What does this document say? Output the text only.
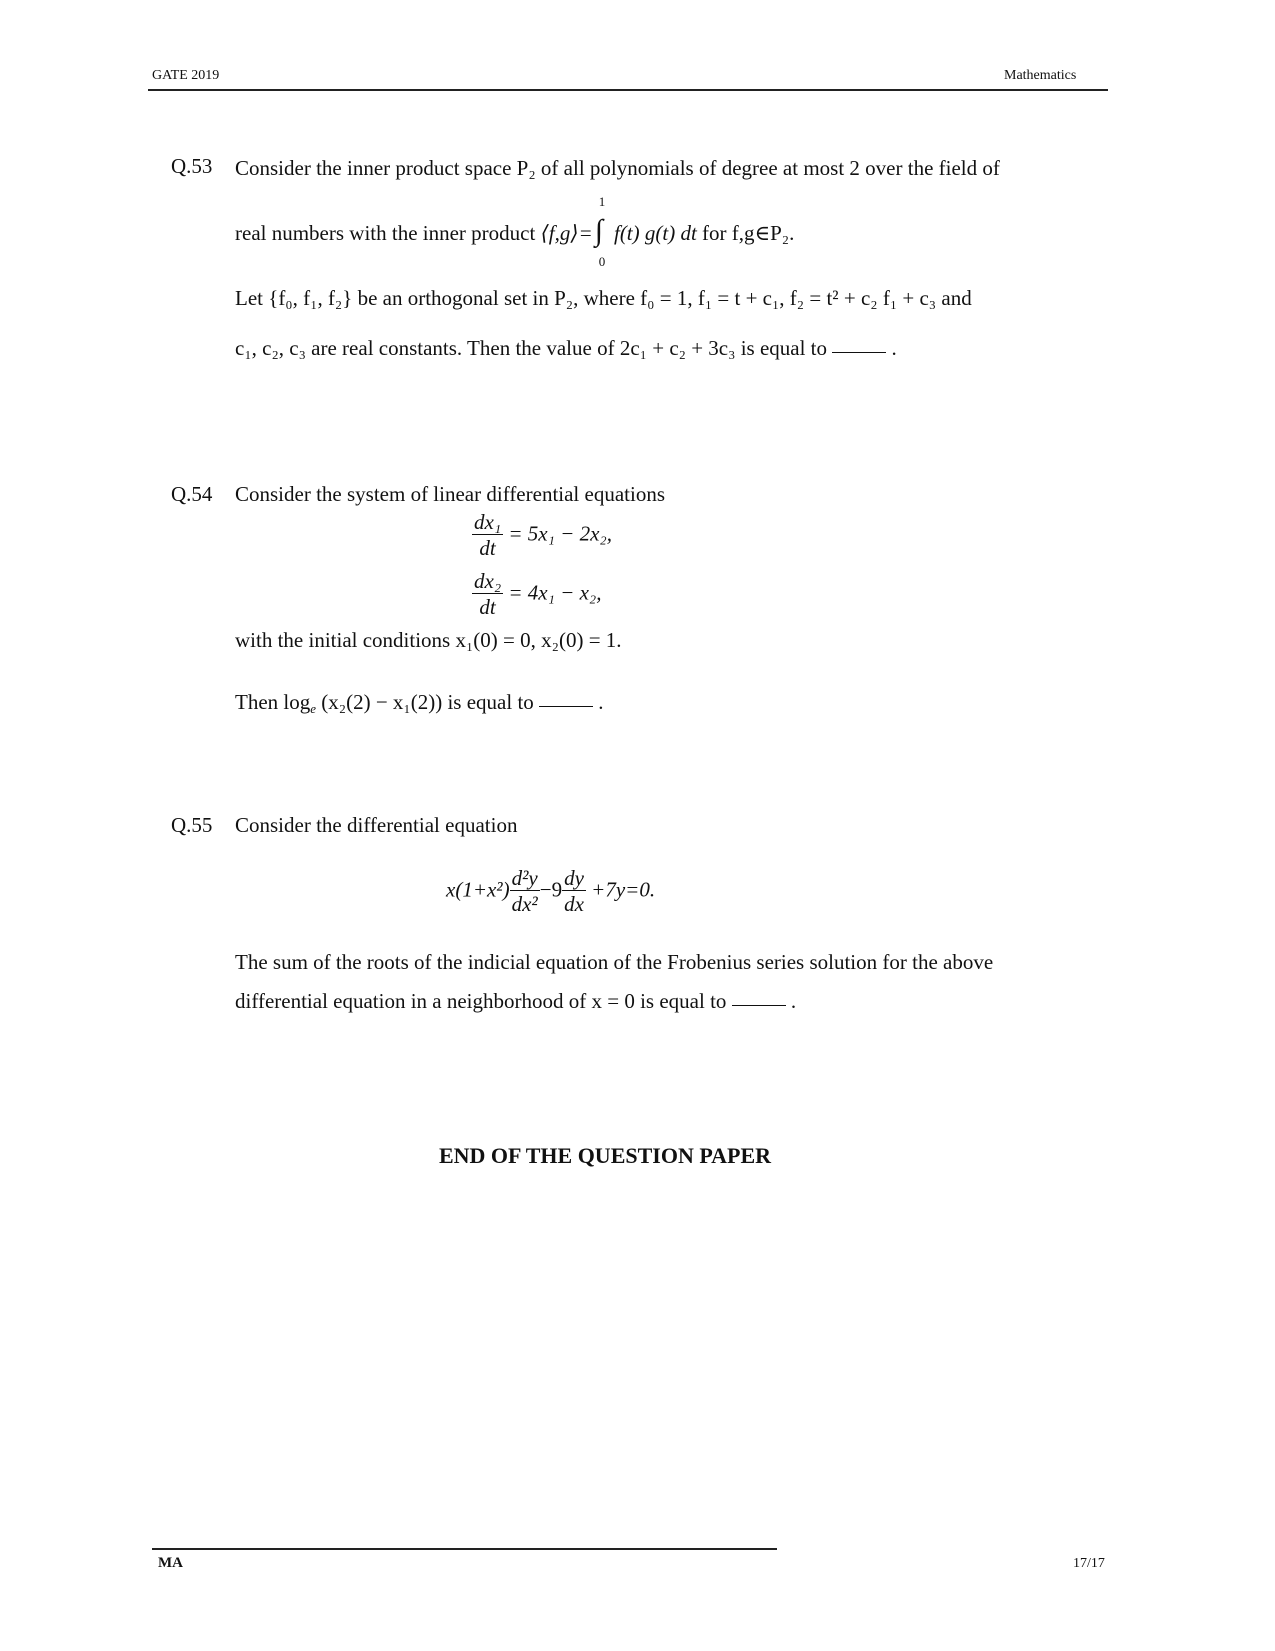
GATE 2019	Mathematics
Q.53 Consider the inner product space P₂ of all polynomials of degree at most 2 over the field of
real numbers with the inner product ⟨f,g⟩= ∫
1
0
f(t) g(t) dt for f,g∈P₂.
Let {f₀, f₁, f₂} be an orthogonal set in P₂, where f₀ = 1, f₁ = t + c₁, f₂ = t² + c₂ f₁ + c₃ and
c₁, c₂, c₃ are real constants. Then the value of 2c₁ + c₂ + 3c₃ is equal to	.
Q.54 Consider the system of linear differential equations
$\frac{\text{dx₁}}{dt} = 5x_1 - 2x_2$,
$\frac{\text{dx₂}}{dt} = 4x_1 - x_2$,
with the initial conditions x₁(0) = 0, x₂(0) = 1.
Then loge (x₂(2) − x₁(2)) is equal to	.
Q.55 Consider the differential equation
$x(1+x^2) \frac{\text{d²y}}{\text{dx²}} -9 \frac{dy}{dx} +7y=0$.
The sum of the roots of the indicial equation of the Frobenius series solution for the above
differential equation in a neighborhood of x = 0 is equal to	.
END OF THE QUESTION PAPER
MA	17/17
